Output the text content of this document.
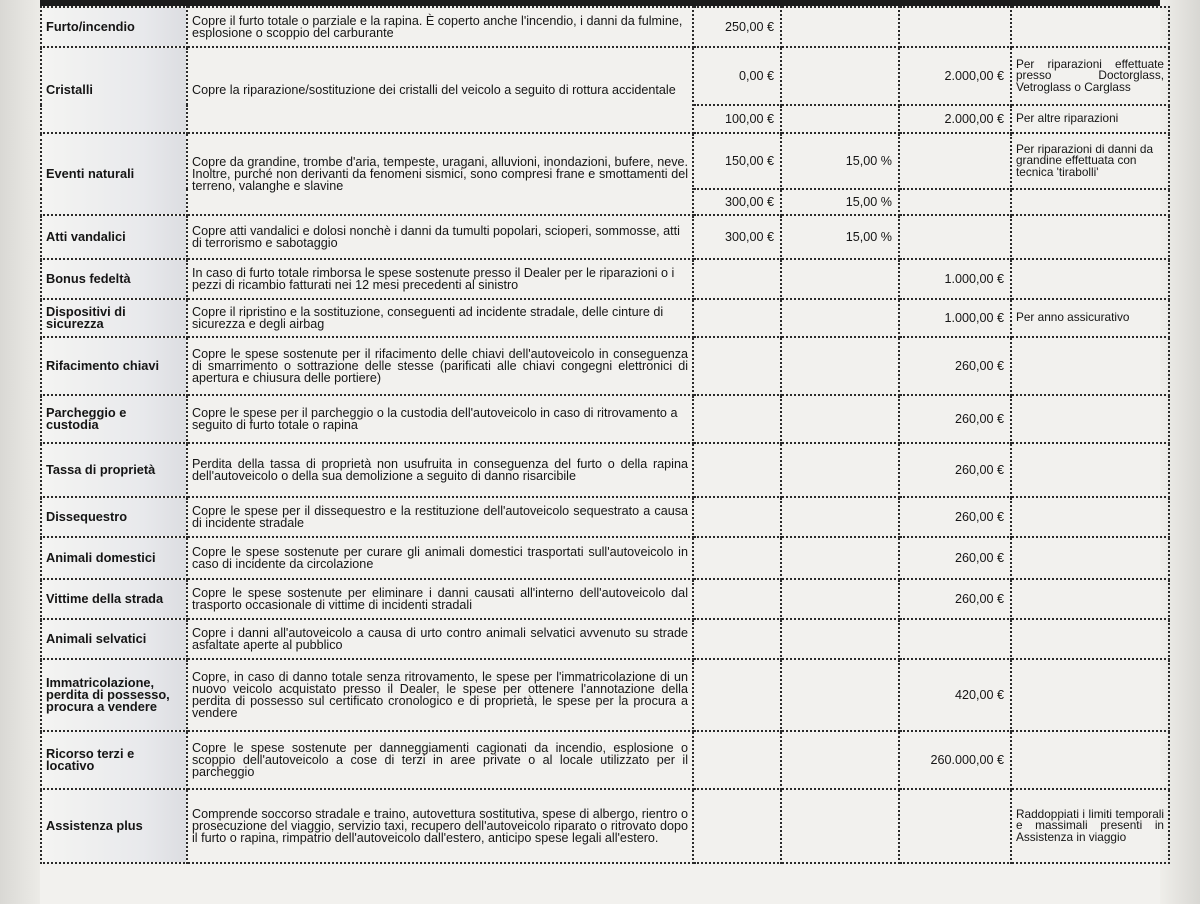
Furto/incendio	Copre il furto totale o parziale e la rapina. È coperto anche l'incendio, i danni da fulmine, esplosione o scoppio del carburante	250,00 €			
Cristalli	Copre la riparazione/sostituzione dei cristalli del veicolo a seguito di rottura accidentale	0,00 €		2.000,00 €	Per riparazioni effettuate presso Doctorglass, Vetroglass o Carglass
		100,00 €		2.000,00 €	Per altre riparazioni
Eventi naturali	Copre da grandine, trombe d'aria, tempeste, uragani, alluvioni, inondazioni, bufere, neve. Inoltre, purché non derivanti da fenomeni sismici, sono compresi frane e smottamenti del terreno, valanghe e slavine	150,00 €	15,00 %		Per riparazioni di danni da grandine effettuata con tecnica 'tirabolli'
		300,00 €	15,00 %		
Atti vandalici	Copre atti vandalici e dolosi nonchè i danni da tumulti popolari, scioperi, sommosse, atti di terrorismo e sabotaggio	300,00 €	15,00 %		
Bonus fedeltà	In caso di furto totale rimborsa le spese sostenute presso il Dealer per le riparazioni o i pezzi di ricambio fatturati nei 12 mesi precedenti al sinistro			1.000,00 €	
Dispositivi di sicurezza	Copre il ripristino e la sostituzione, conseguenti ad incidente stradale, delle cinture di sicurezza e degli airbag			1.000,00 €	Per anno assicurativo
Rifacimento chiavi	Copre le spese sostenute per il rifacimento delle chiavi dell'autoveicolo in conseguenza di smarrimento o sottrazione delle stesse (parificati alle chiavi congegni elettronici di apertura e chiusura delle portiere)			260,00 €	
Parcheggio e custodia	Copre le spese per il parcheggio o la custodia dell'autoveicolo in caso di ritrovamento a seguito di furto totale o rapina			260,00 €	
Tassa di proprietà	Perdita della tassa di proprietà non usufruita in conseguenza del furto o della rapina dell'autoveicolo o della sua demolizione a seguito di danno risarcibile			260,00 €	
Dissequestro	Copre le spese per il dissequestro e la restituzione dell'autoveicolo sequestrato a causa di incidente stradale			260,00 €	
Animali domestici	Copre le spese sostenute per curare gli animali domestici trasportati sull'autoveicolo in caso di incidente da circolazione			260,00 €	
Vittime della strada	Copre le spese sostenute per eliminare i danni causati all'interno dell'autoveicolo dal trasporto occasionale di vittime di incidenti stradali			260,00 €	
Animali selvatici	Copre i danni all'autoveicolo a causa di urto contro animali selvatici avvenuto su strade asfaltate aperte al pubblico				
Immatricolazione, perdita di possesso, procura a vendere	Copre, in caso di danno totale senza ritrovamento, le spese per l'immatricolazione di un nuovo veicolo acquistato presso il Dealer, le spese per ottenere l'annotazione della perdita di possesso sul certificato cronologico e di proprietà, le spese per la procura a vendere			420,00 €	
Ricorso terzi e locativo	Copre le spese sostenute per danneggiamenti cagionati da incendio, esplosione o scoppio dell'autoveicolo a cose di terzi in aree private o al locale utilizzato per il parcheggio			260.000,00 €	
Assistenza plus	Comprende soccorso stradale e traino, autovettura sostitutiva, spese di albergo, rientro o prosecuzione del viaggio, servizio taxi, recupero dell'autoveicolo riparato o ritrovato dopo il furto o rapina, rimpatrio dell'autoveicolo dall'estero, anticipo spese legali all'estero.				Raddoppiati i limiti temporali e massimali presenti in Assistenza in viaggio
